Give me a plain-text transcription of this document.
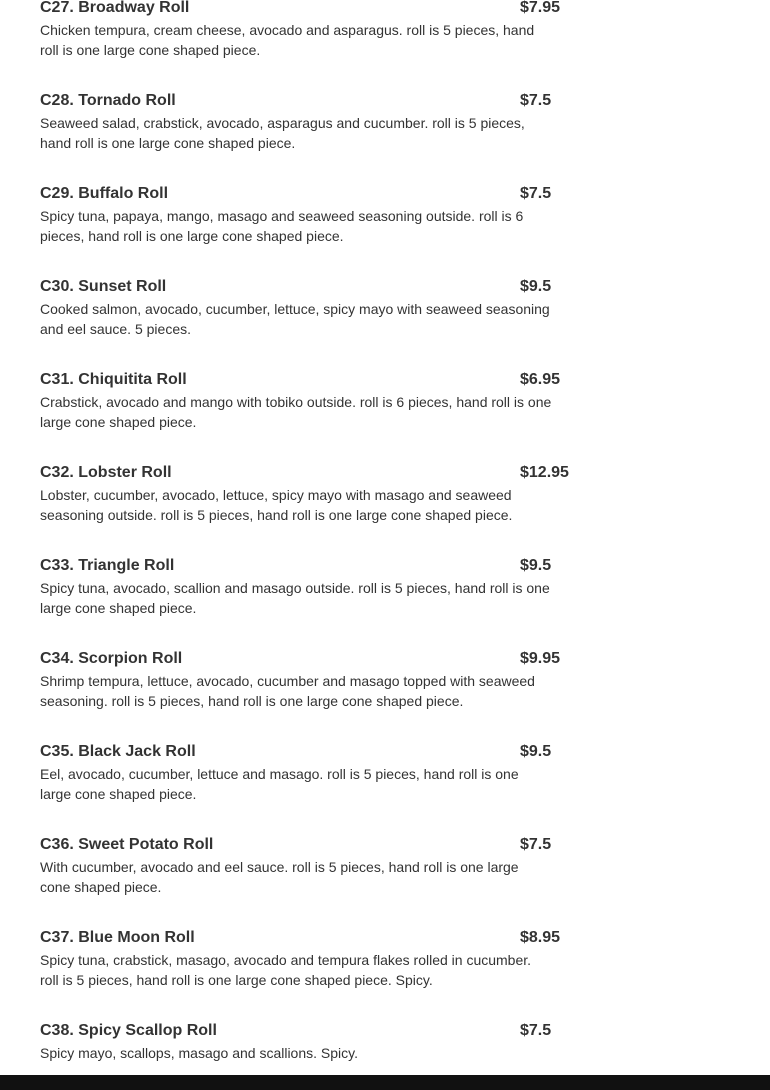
C27. Broadway Roll	$7.95
Chicken tempura, cream cheese, avocado and asparagus. roll is 5 pieces, hand roll is one large cone shaped piece.
C28. Tornado Roll	$7.5
Seaweed salad, crabstick, avocado, asparagus and cucumber. roll is 5 pieces, hand roll is one large cone shaped piece.
C29. Buffalo Roll	$7.5
Spicy tuna, papaya, mango, masago and seaweed seasoning outside. roll is 6 pieces, hand roll is one large cone shaped piece.
C30. Sunset Roll	$9.5
Cooked salmon, avocado, cucumber, lettuce, spicy mayo with seaweed seasoning and eel sauce. 5 pieces.
C31. Chiquitita Roll	$6.95
Crabstick, avocado and mango with tobiko outside. roll is 6 pieces, hand roll is one large cone shaped piece.
C32. Lobster Roll	$12.95
Lobster, cucumber, avocado, lettuce, spicy mayo with masago and seaweed seasoning outside. roll is 5 pieces, hand roll is one large cone shaped piece.
C33. Triangle Roll	$9.5
Spicy tuna, avocado, scallion and masago outside. roll is 5 pieces, hand roll is one large cone shaped piece.
C34. Scorpion Roll	$9.95
Shrimp tempura, lettuce, avocado, cucumber and masago topped with seaweed seasoning. roll is 5 pieces, hand roll is one large cone shaped piece.
C35. Black Jack Roll	$9.5
Eel, avocado, cucumber, lettuce and masago. roll is 5 pieces, hand roll is one large cone shaped piece.
C36. Sweet Potato Roll	$7.5
With cucumber, avocado and eel sauce. roll is 5 pieces, hand roll is one large cone shaped piece.
C37. Blue Moon Roll	$8.95
Spicy tuna, crabstick, masago, avocado and tempura flakes rolled in cucumber. roll is 5 pieces, hand roll is one large cone shaped piece. Spicy.
C38. Spicy Scallop Roll	$7.5
Spicy mayo, scallops, masago and scallions. Spicy.
